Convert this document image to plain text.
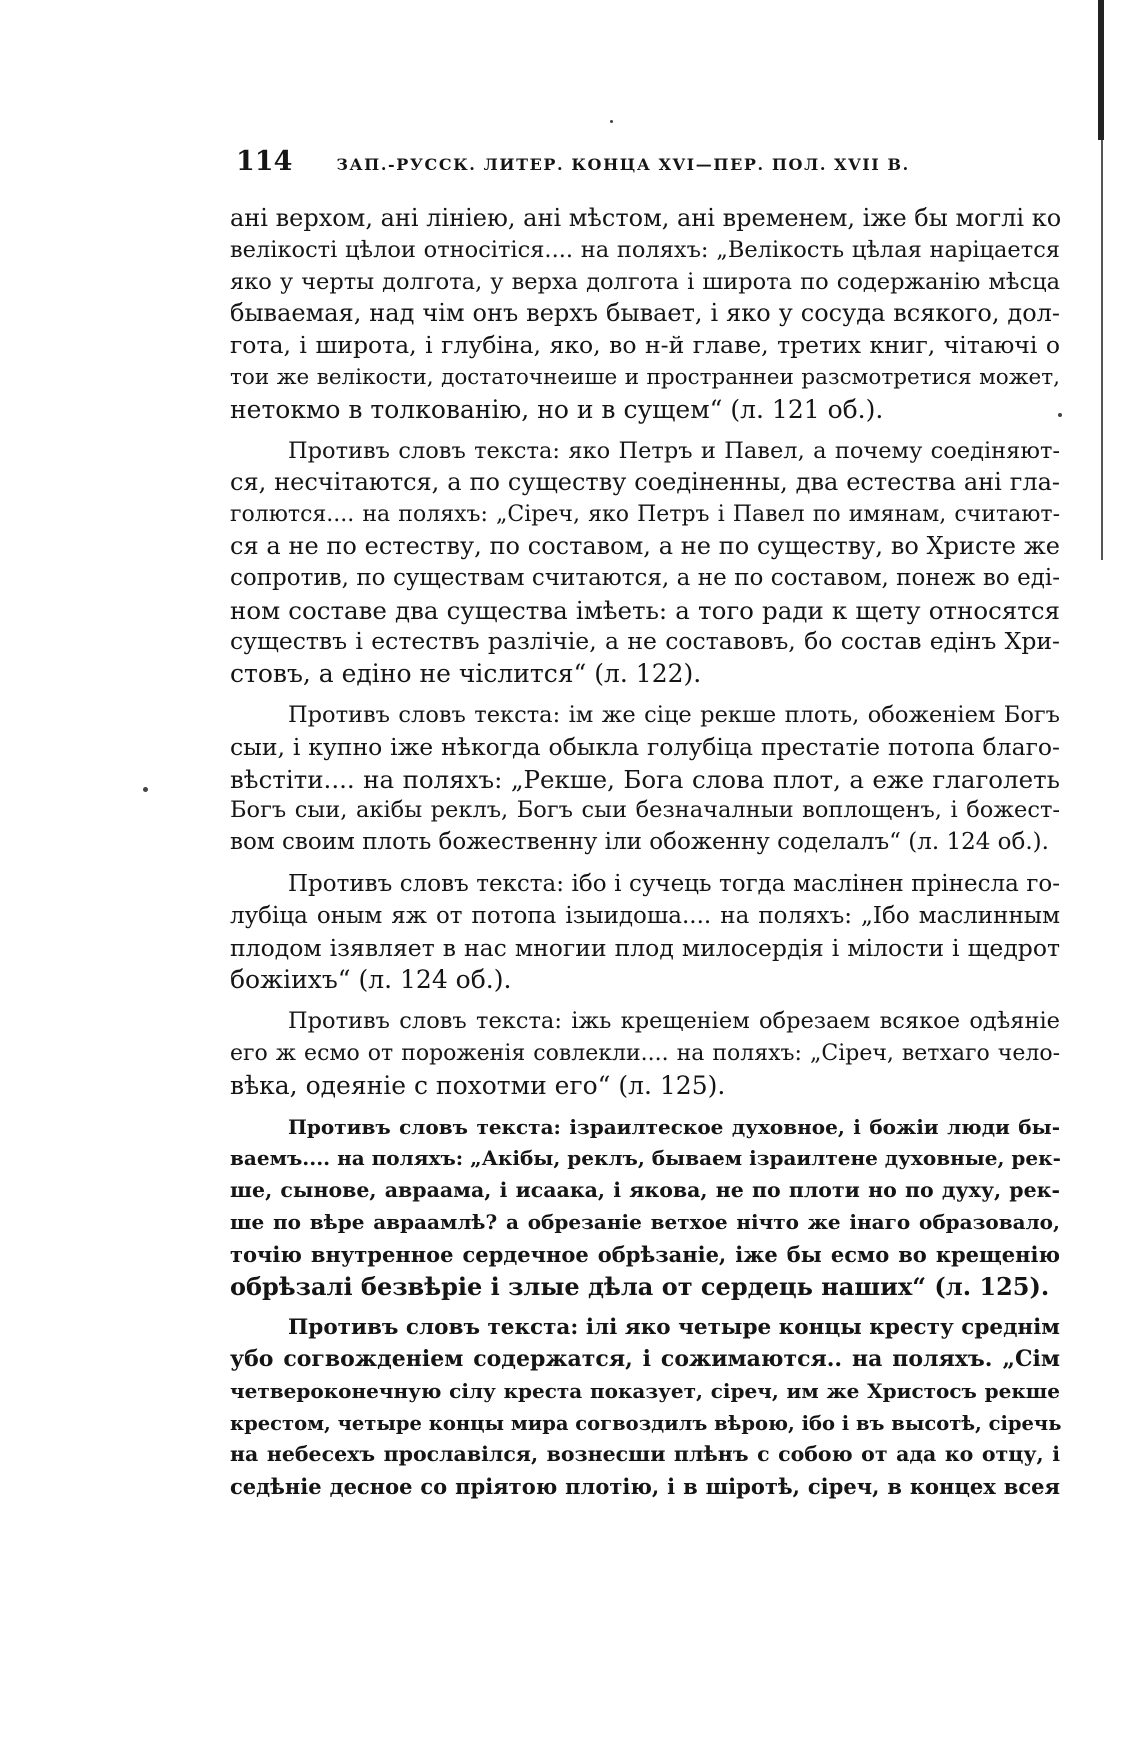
114	ЗАП.-РУССК. ЛИТЕР. КОНЦА XVI—ПЕР. ПОЛ. XVII В.
ані верхом, ані лініею, ані мѣстом, ані временем, іже бы моглі ко
велікості цѣлои относітіся.... на поляхъ: „Велікость цѣлая наріцается
яко у черты долгота, у верха долгота і широта по содержанію мѣсца
бываемая, над чім онъ верхъ бывает, і яко у сосуда всякого, дол-
гота, і широта, і глубіна, яко, во н-й главе, третих книг, чітаючі о
тои же велікости, достаточнеише и пространнеи разсмотретися может,
нетокмо в толкованію, но и в сущем“ (л. 121 об.).
Противъ словъ текста: яко Петръ и Павел, а почему соедіняют-
ся, несчітаются, а по существу соедіненны, два естества ані гла-
голются.... на поляхъ: „Сіреч, яко Петръ і Павел по имянам, считают-
ся а не по естеству, по составом, а не по существу, во Христе же
сопротив, по существам считаются, а не по составом, понеж во еді-
ном составе два существа імѣеть: а того ради к щету относятся
существъ і естествъ разлічіе, а не составовъ, бо состав едінъ Хри-
стовъ, а едіно не чіслится“ (л. 122).
Противъ словъ текста: ім же сіце рекше плоть, обоженіем Богъ
сыи, і купно іже нѣкогда обыкла голубіца престатіе потопа благо-
вѣстіти.... на поляхъ: „Рекше, Бога слова плот, а еже глаголеть
Богъ сыи, акібы реклъ, Богъ сыи безначалныи воплощенъ, і божест-
вом своим плоть божественну іли обоженну соделалъ“ (л. 124 об.).
Противъ словъ текста: ібо і сучець тогда маслінен прінесла го-
лубіца оным яж от потопа ізыидоша.... на поляхъ: „Ібо маслинным
плодом ізявляет в нас многии плод милосердія і мілости і щедрот
божіихъ“ (л. 124 об.).
Противъ словъ текста: іжь крещеніем обрезаем всякое одѣяніе
его ж есмо от пороженія совлекли.... на поляхъ: „Сіреч, ветхаго чело-
вѣка, одеяніе с похотми его“ (л. 125).
Противъ словъ текста: ізраилтеское духовное, і божіи люди бы-
ваемъ.... на поляхъ: „Акібы, реклъ, бываем ізраилтене духовные, рек-
ше, сынове, авраама, і исаака, і якова, не по плоти но по духу, рек-
ше по вѣре авраамлѣ? а обрезаніе ветхое нічто же інаго образовало,
точію внутренное сердечное обрѣзаніе, іже бы есмо во крещенію
обрѣзалі безвѣріе і злые дѣла от сердець наших“ (л. 125).
Противъ словъ текста: ілі яко четыре концы кресту среднім
убо согвожденіем содержатся, і сожимаются.. на поляхъ. „Сім
четвероконечную сілу креста показует, сіреч, им же Христосъ рекше
крестом, четыре концы мира согвоздилъ вѣрою, ібо і въ высотѣ, сіречь
на небесехъ прославілся, вознесши плѣнъ с собою от ада ко отцу, і
седѣніе десное со пріятою плотію, і в шіротѣ, сіреч, в концех всея
